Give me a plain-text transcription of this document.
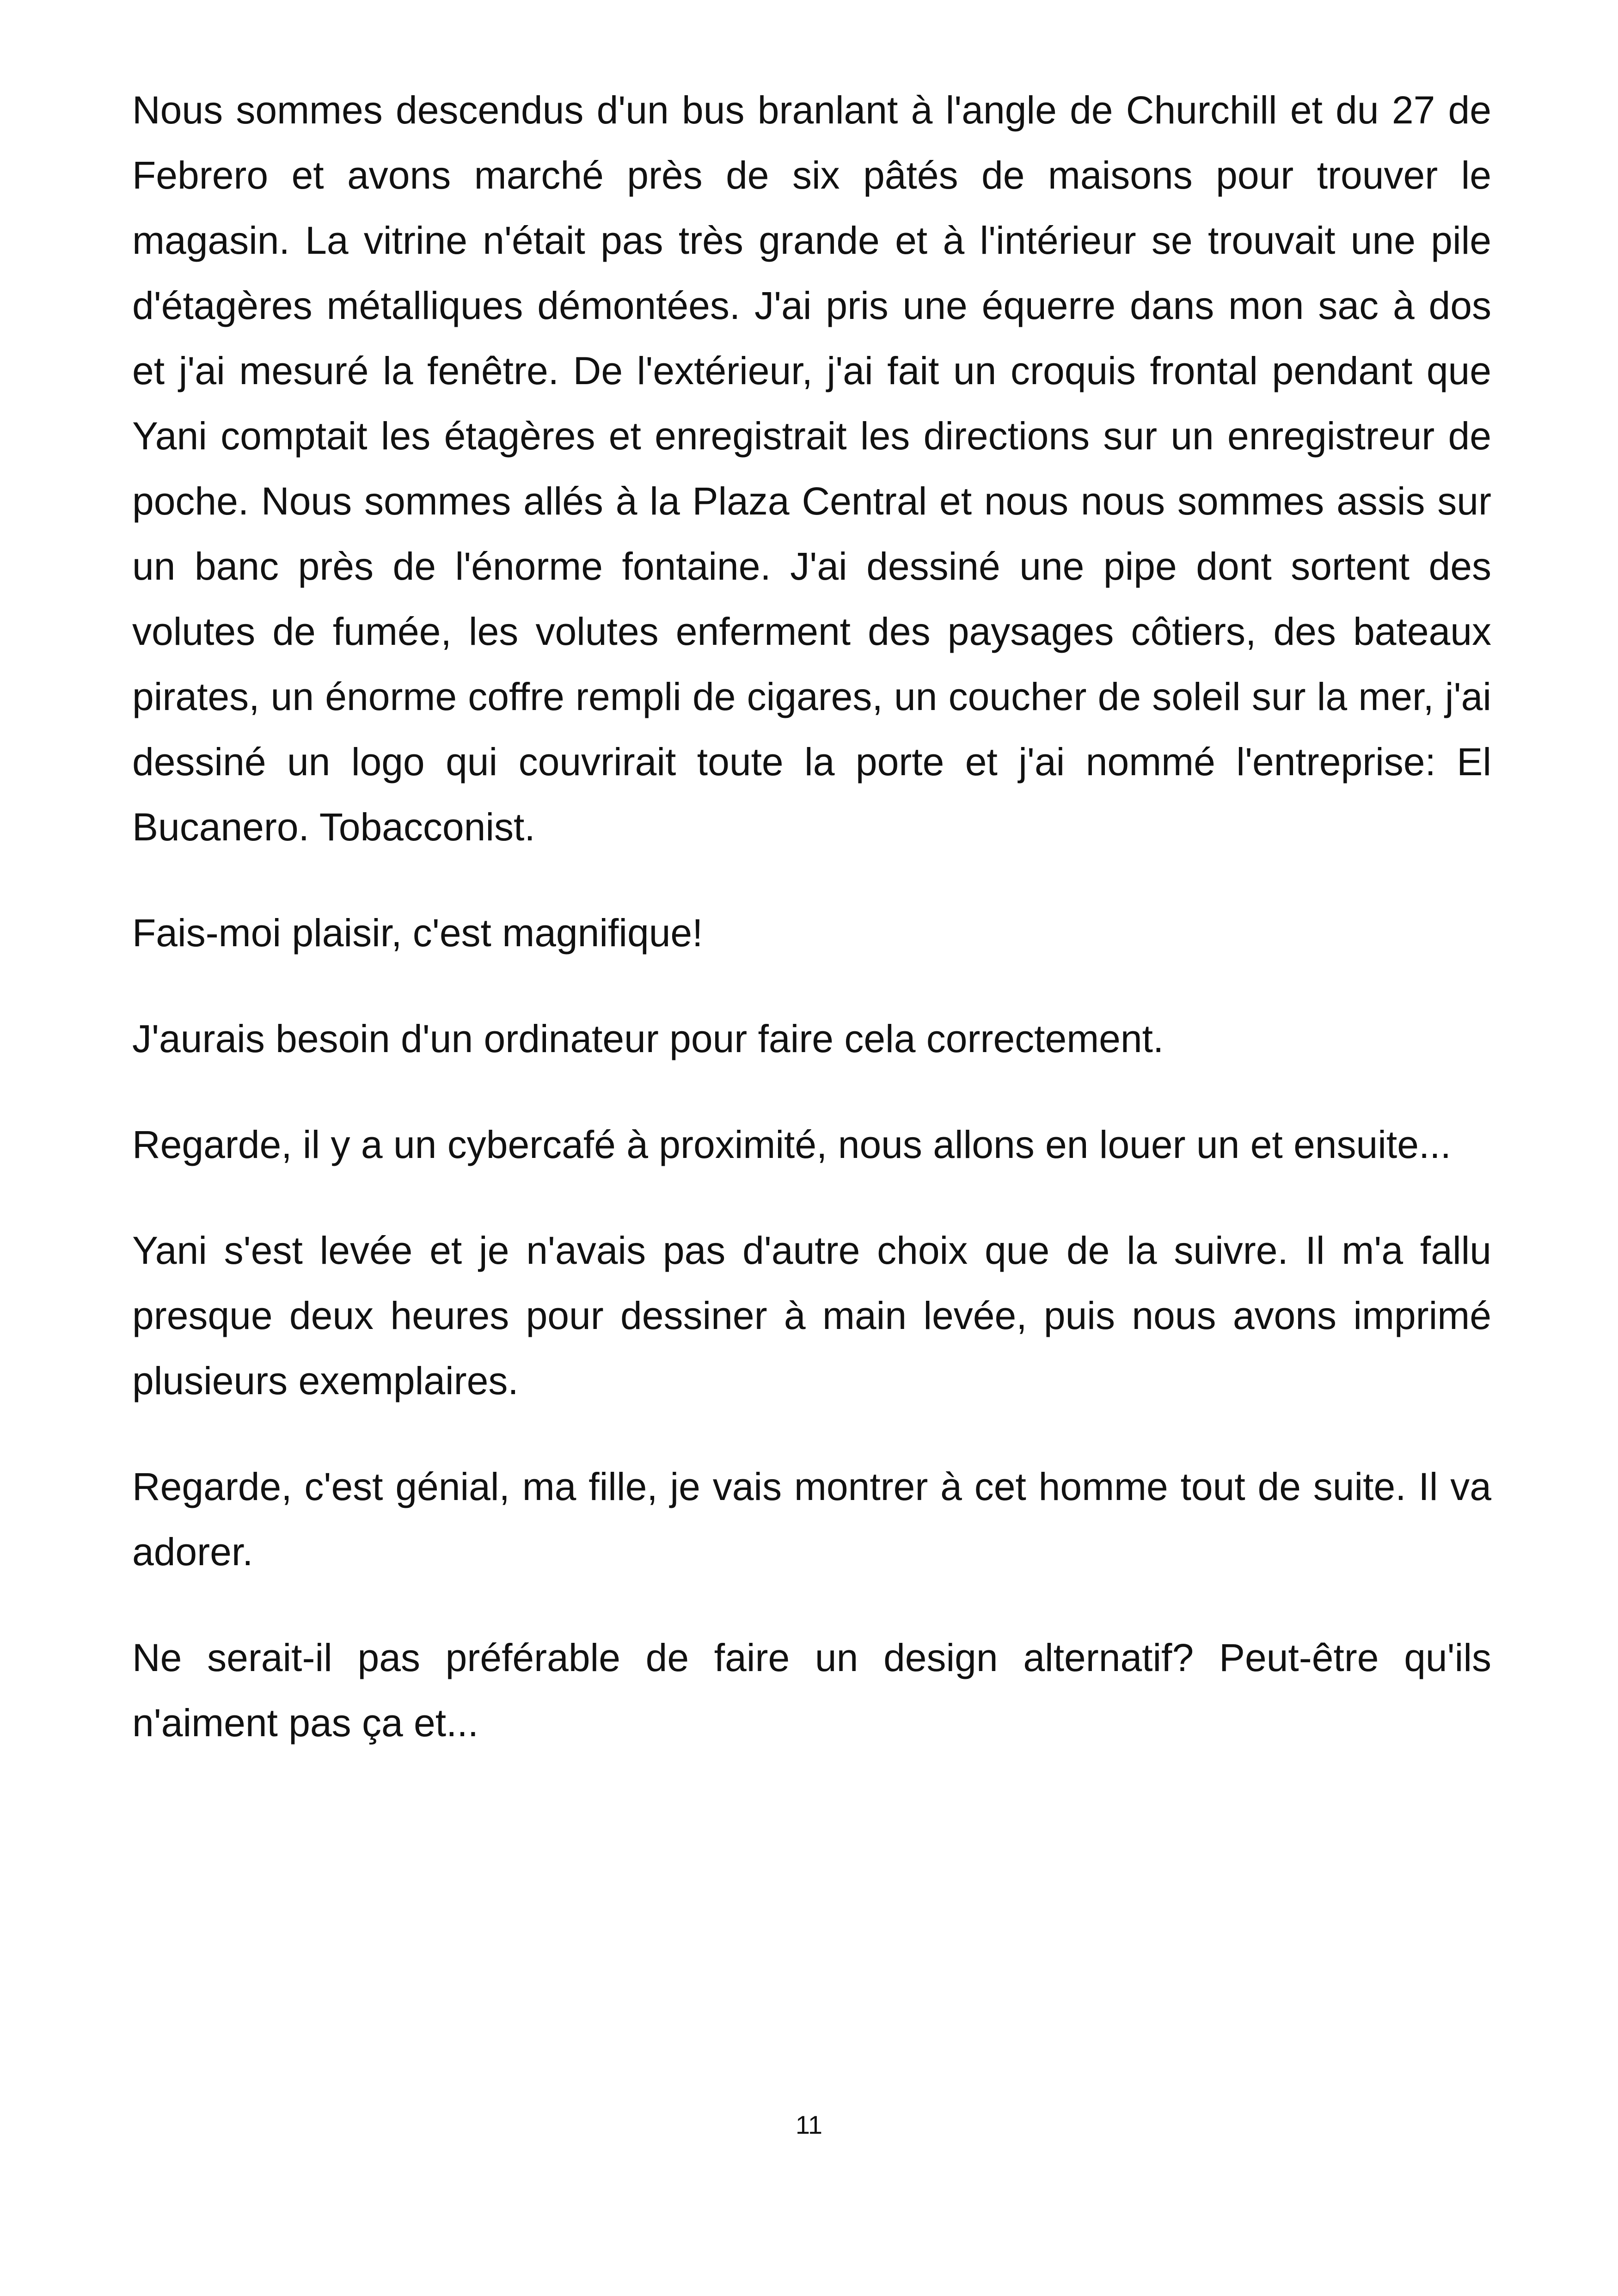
Nous sommes descendus d'un bus branlant à l'angle de Churchill et du 27 de Febrero et avons marché près de six pâtés de maisons pour trouver le magasin. La vitrine n'était pas très grande et à l'intérieur se trouvait une pile d'étagères métalliques démontées. J'ai pris une équerre dans mon sac à dos et j'ai mesuré la fenêtre. De l'extérieur, j'ai fait un croquis frontal pendant que Yani comptait les étagères et enregistrait les directions sur un enregistreur de poche. Nous sommes allés à la Plaza Central et nous nous sommes assis sur un banc près de l'énorme fontaine. J'ai dessiné une pipe dont sortent des volutes de fumée, les volutes enferment des paysages côtiers, des bateaux pirates, un énorme coffre rempli de cigares, un coucher de soleil sur la mer, j'ai dessiné un logo qui couvrirait toute la porte et j'ai nommé l'entreprise: El Bucanero. Tobacconist.

Fais-moi plaisir, c'est magnifique!

J'aurais besoin d'un ordinateur pour faire cela correctement.

Regarde, il y a un cybercafé à proximité, nous allons en louer un et ensuite...

Yani s'est levée et je n'avais pas d'autre choix que de la suivre. Il m'a fallu presque deux heures pour dessiner à main levée, puis nous avons imprimé plusieurs exemplaires.

Regarde, c'est génial, ma fille, je vais montrer à cet homme tout de suite. Il va adorer.

Ne serait-il pas préférable de faire un design alternatif? Peut-être qu'ils n'aiment pas ça et...

11
